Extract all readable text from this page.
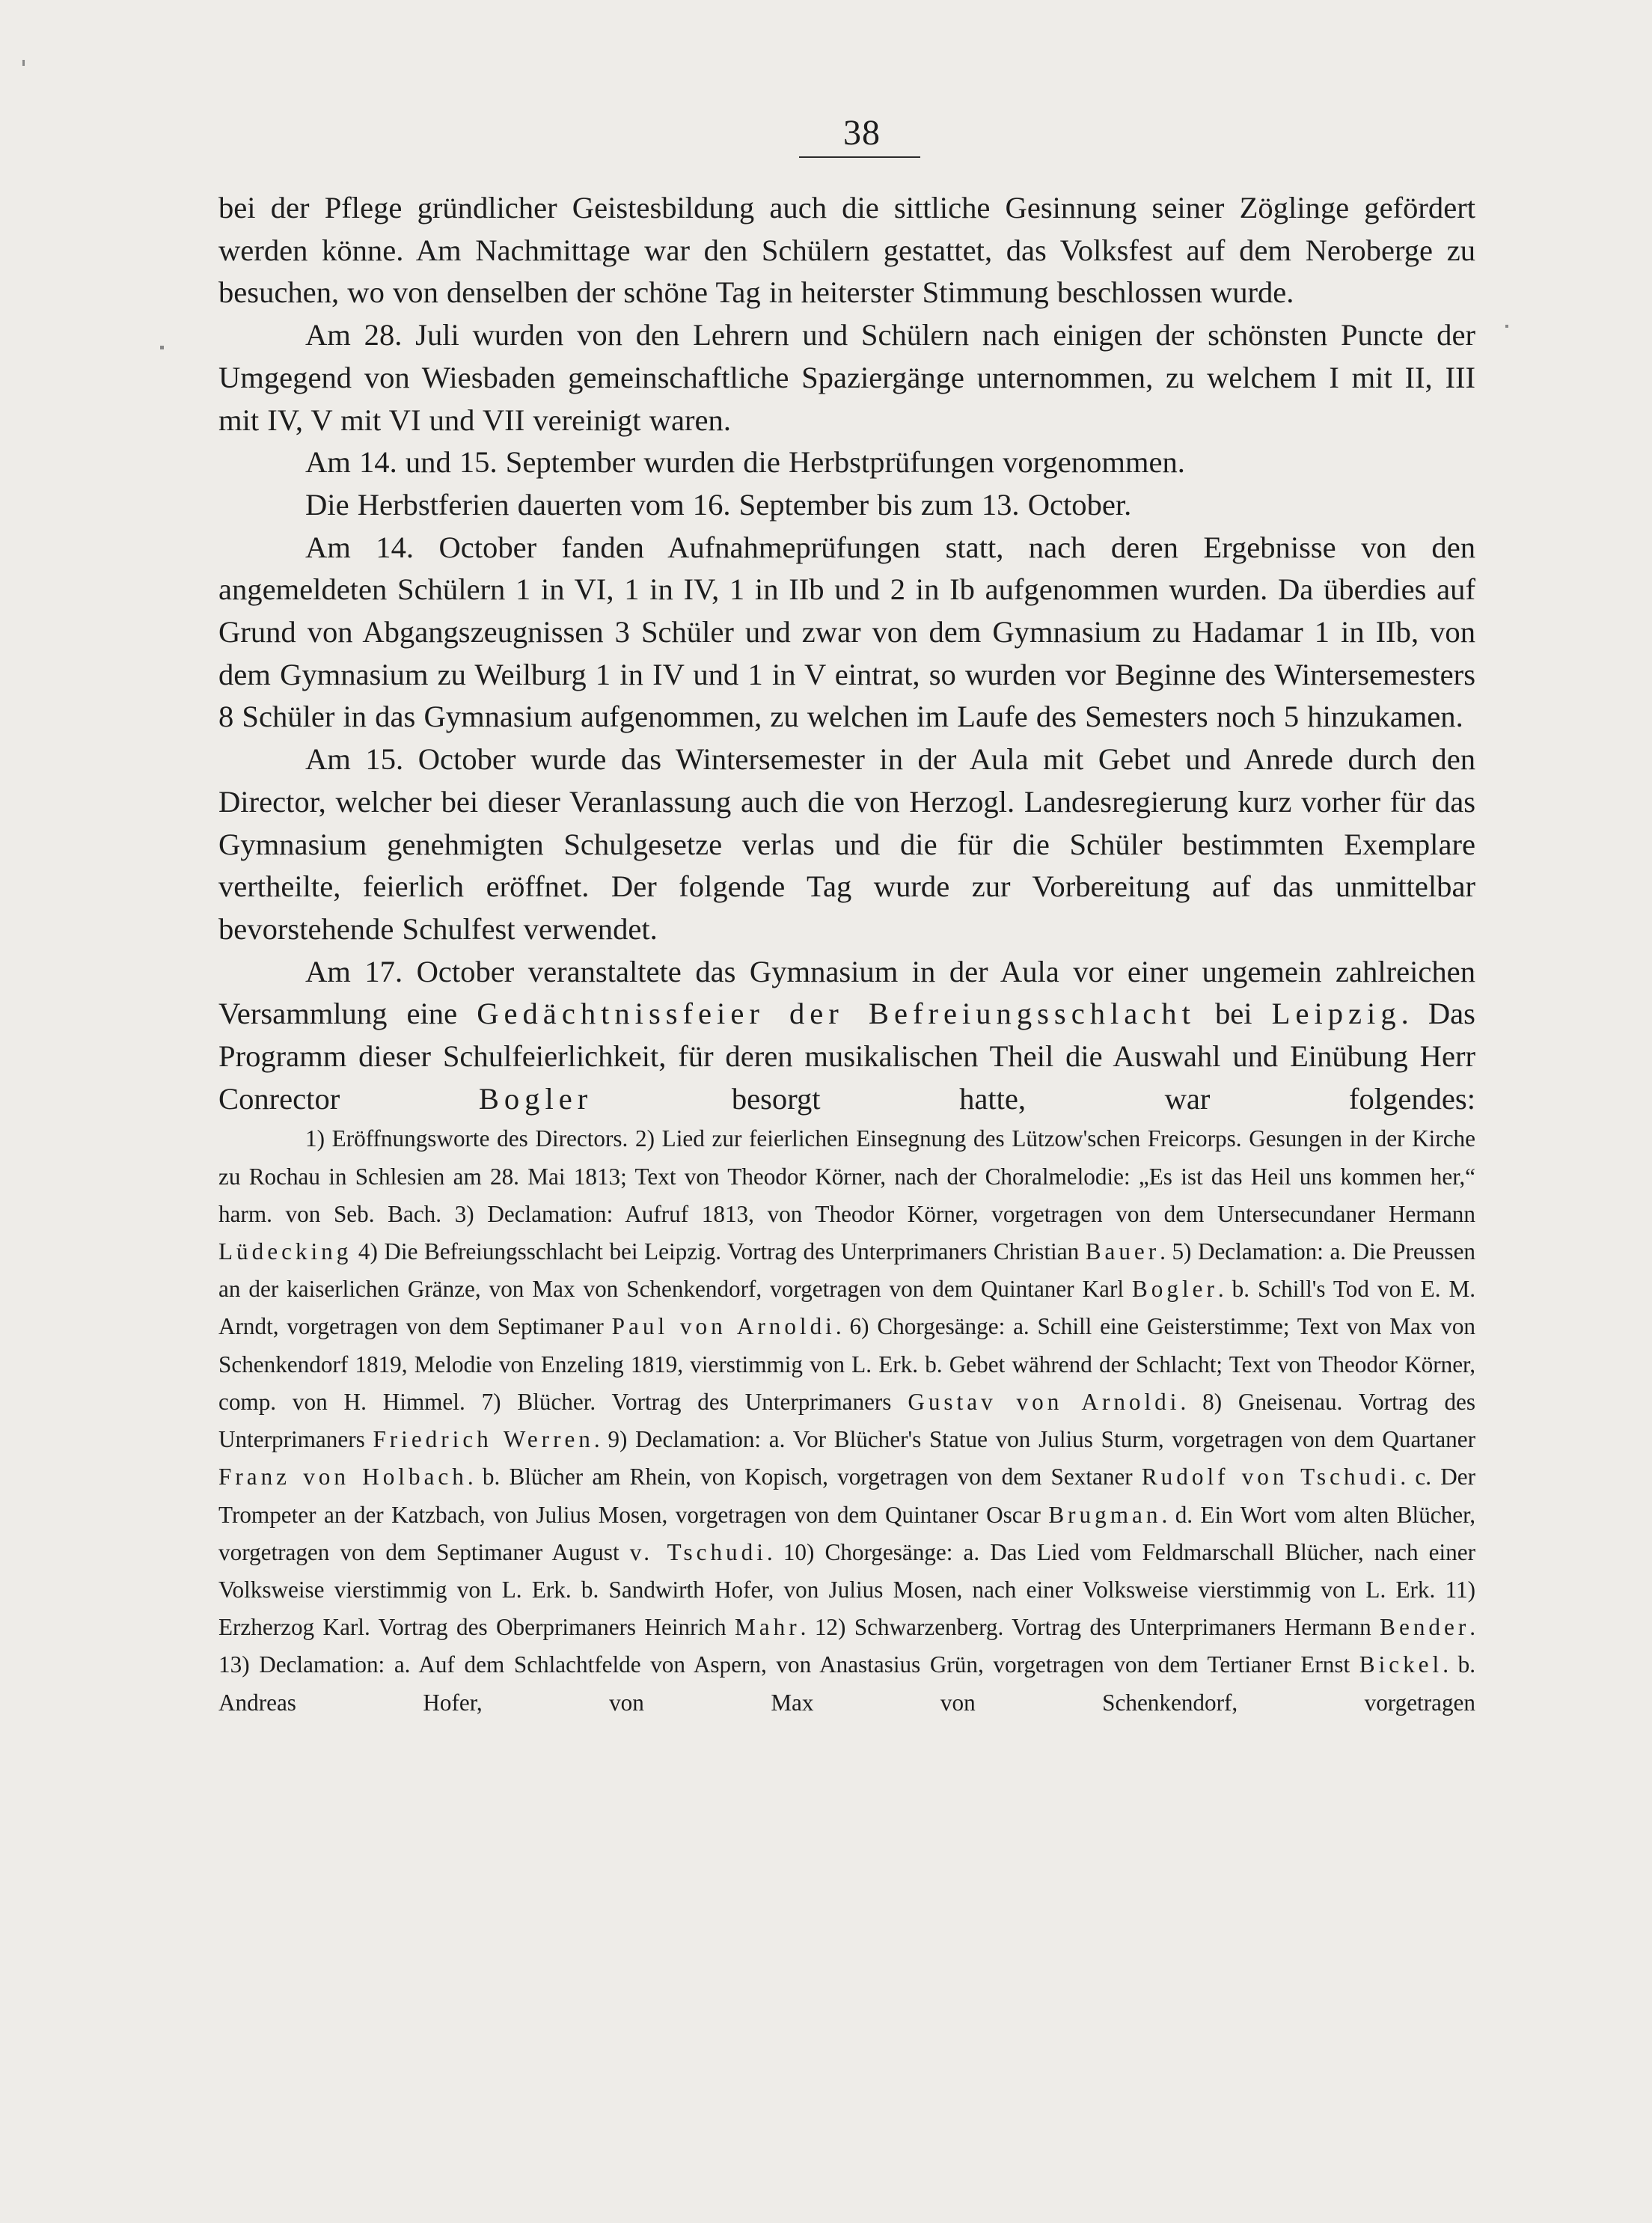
38

bei der Pflege gründlicher Geistesbildung auch die sittliche Gesinnung seiner Zöglinge gefördert werden könne. Am Nachmittage war den Schülern gestattet, das Volksfest auf dem Neroberge zu besuchen, wo von denselben der schöne Tag in heiterster Stimmung beschlossen wurde.

Am 28. Juli wurden von den Lehrern und Schülern nach einigen der schönsten Puncte der Umgegend von Wiesbaden gemeinschaftliche Spaziergänge unternommen, zu welchem I mit II, III mit IV, V mit VI und VII vereinigt waren.

Am 14. und 15. September wurden die Herbstprüfungen vorgenommen.

Die Herbstferien dauerten vom 16. September bis zum 13. October.

Am 14. October fanden Aufnahmeprüfungen statt, nach deren Ergebnisse von den angemeldeten Schülern 1 in VI, 1 in IV, 1 in IIb und 2 in Ib aufgenommen wurden. Da überdies auf Grund von Abgangszeugnissen 3 Schüler und zwar von dem Gymnasium zu Hadamar 1 in IIb, von dem Gymnasium zu Weilburg 1 in IV und 1 in V eintrat, so wurden vor Beginne des Wintersemesters 8 Schüler in das Gymnasium aufgenommen, zu welchen im Laufe des Semesters noch 5 hinzukamen.

Am 15. October wurde das Wintersemester in der Aula mit Gebet und Anrede durch den Director, welcher bei dieser Veranlassung auch die von Herzogl. Landesregierung kurz vorher für das Gymnasium genehmigten Schulgesetze verlas und die für die Schüler bestimmten Exemplare vertheilte, feierlich eröffnet. Der folgende Tag wurde zur Vorbereitung auf das unmittelbar bevorstehende Schulfest verwendet.

Am 17. October veranstaltete das Gymnasium in der Aula vor einer ungemein zahlreichen Versammlung eine Gedächtnissfeier der Befreiungsschlacht bei Leipzig. Das Programm dieser Schulfeierlichkeit, für deren musikalischen Theil die Auswahl und Einübung Herr Conrector	Bogler	besorgt hatte, war folgendes:

1) Eröffnungsworte des Directors. 2) Lied zur feierlichen Einsegnung des Lützow'schen Freicorps. Gesungen in der Kirche zu Rochau in Schlesien am 28. Mai 1813; Text von Theodor Körner, nach der Choralmelodie: „Es ist das Heil uns kommen her,“ harm. von Seb. Bach. 3) Declamation: Aufruf 1813, von Theodor Körner, vorgetragen von dem Untersecundaner Hermann Lüdecking 4) Die Befreiungsschlacht bei Leipzig. Vortrag des Unterprimaners Christian Bauer. 5) Declamation: a. Die Preussen an der kaiserlichen Gränze, von Max von Schenkendorf, vorgetragen von dem Quintaner Karl Bogler. b. Schill's Tod von E. M. Arndt, vorgetragen von dem Septimaner Paul von Arnoldi. 6) Chorgesänge: a. Schill eine Geisterstimme; Text von Max von Schenkendorf 1819, Melodie von Enzeling 1819, vierstimmig von L. Erk. b. Gebet während der Schlacht; Text von Theodor Körner, comp. von H. Himmel. 7) Blücher. Vortrag des Unterprimaners Gustav von Arnoldi. 8) Gneisenau. Vortrag des Unterprimaners Friedrich Werren. 9) Declamation: a. Vor Blücher's Statue von Julius Sturm, vorgetragen von dem Quartaner Franz von Holbach. b. Blücher am Rhein, von Kopisch, vorgetragen von dem Sextaner Rudolf von Tschudi. c. Der Trompeter an der Katzbach, von Julius Mosen, vorgetragen von dem Quintaner Oscar Brugman. d. Ein Wort vom alten Blücher, vorgetragen von dem Septimaner August v. Tschudi. 10) Chorgesänge: a. Das Lied vom Feldmarschall Blücher, nach einer Volksweise vierstimmig von L. Erk. b. Sandwirth Hofer, von Julius Mosen, nach einer Volksweise vierstimmig von L. Erk. 11) Erzherzog Karl. Vortrag des Oberprimaners Heinrich Mahr. 12) Schwarzenberg. Vortrag des Unterprimaners Hermann Bender. 13) Declamation: a. Auf dem Schlachtfelde von Aspern, von Anastasius Grün, vorgetragen von dem Tertianer Ernst Bickel. b. Andreas Hofer, von Max von Schenkendorf, vorgetragen
